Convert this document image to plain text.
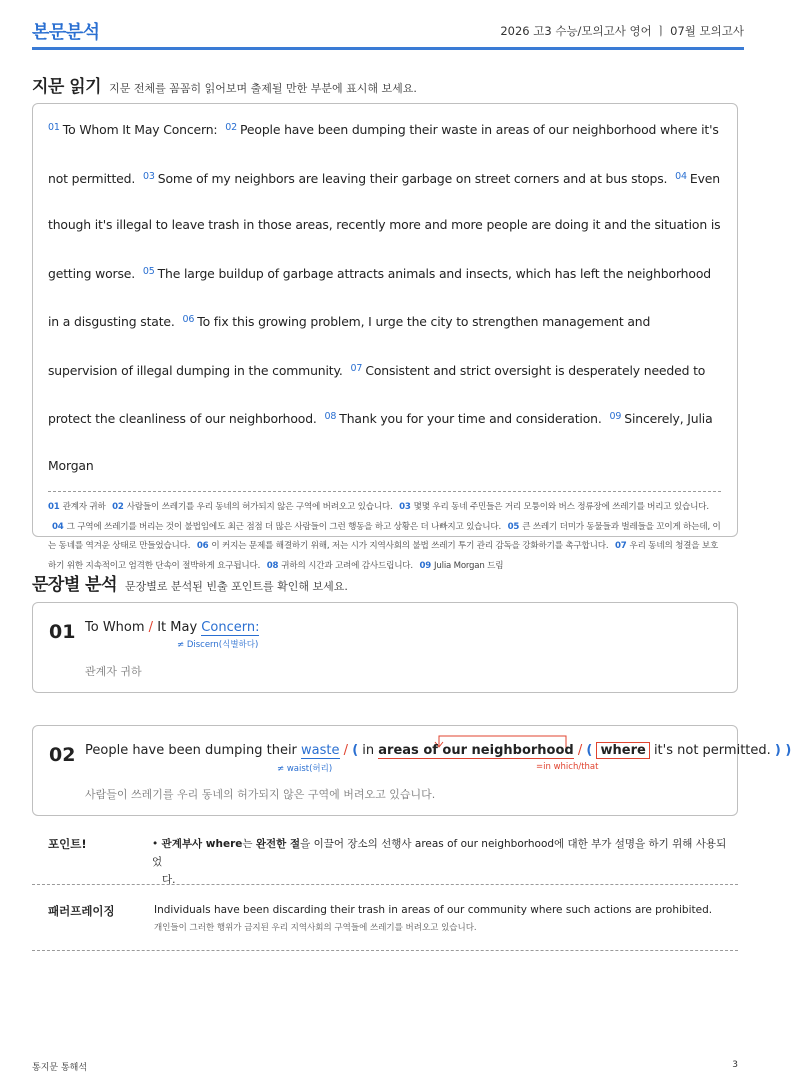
본문분석	2026 고3 수능/모의고사 영어 ㅣ 07월 모의고사
지문 읽기 지문 전체를 꼼꼼히 읽어보며 출제될 만한 부분에 표시해 보세요.
$^{01}$ To Whom It May Concern: $^{02}$ People have been dumping their waste in areas of our neighborhood where it's not permitted. $^{03}$ Some of my neighbors are leaving their garbage on street corners and at bus stops. $^{04}$ Even though it's illegal to leave trash in those areas, recently more and more people are doing it and the situation is getting worse. $^{05}$ The large buildup of garbage attracts animals and insects, which has left the neighborhood in a disgusting state. $^{06}$ To fix this growing problem, I urge the city to strengthen management and supervision of illegal dumping in the community. $^{07}$ Consistent and strict oversight is desperately needed to protect the cleanliness of our neighborhood. $^{08}$ Thank you for your time and consideration. $^{09}$ Sincerely, Julia Morgan
01 관계자 귀하 02 사람들이 쓰레기를 우리 동네의 허가되지 않은 구역에 버려오고 있습니다. 03 몇몇 우리 동네 주민들은 거리 모퉁이와 버스 정류장에 쓰레기를 버리고 있습니다. 04 그 구역에 쓰레기를 버리는 것이 불법임에도 최근 점점 더 많은 사람들이 그런 행동을 하고 상황은 더 나빠지고 있습니다. 05 큰 쓰레기 더미가 동물들과 벌레들을 꼬이게 하는데, 이는 동네를 역겨운 상태로 만들었습니다. 06 이 커지는 문제를 해결하기 위해, 저는 시가 지역사회의 불법 쓰레기 투기 관리 감독을 강화하기를 촉구합니다. 07 우리 동네의 청결을 보호하기 위한 지속적이고 엄격한 단속이 절박하게 요구됩니다. 08 귀하의 시간과 고려에 감사드립니다. 09 Julia Morgan 드림
문장별 분석 문장별로 분석된 빈출 포인트를 확인해 보세요.
01 To Whom / It May Concern:
≠ Discern(식별하다)
관계자 귀하
02 People have been dumping their waste / ( in areas of our neighborhood / ( where it's not permitted. ) )
≠ waist(허리)	=in which/that
사람들이 쓰레기를 우리 동네의 허가되지 않은 구역에 버려오고 있습니다.
포인트!	• 관계부사 where는 완전한 절을 이끌어 장소의 선행사 areas of our neighborhood에 대한 부가 설명을 하기 위해 사용되었
다.
패러프레이징	Individuals have been discarding their trash in areas of our community where such actions are prohibited.
개인들이 그러한 행위가 금지된 우리 지역사회의 구역들에 쓰레기를 버려오고 있습니다.
통지문 통해석	3
